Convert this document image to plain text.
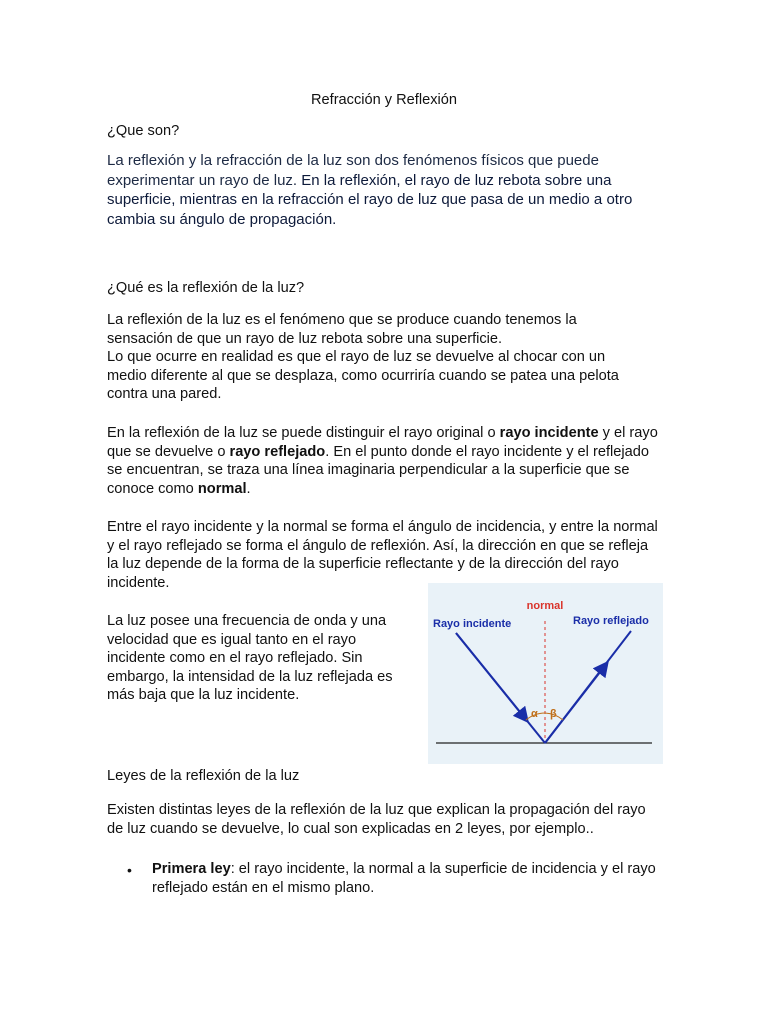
Refracción y Reflexión

¿Que son?

La reflexión y la refracción de la luz son dos fenómenos físicos que puede experimentar un rayo de luz. En la reflexión, el rayo de luz rebota sobre una superficie, mientras en la refracción el rayo de luz que pasa de un medio a otro cambia su ángulo de propagación.

¿Qué es la reflexión de la luz?

La reflexión de la luz es el fenómeno que se produce cuando tenemos la sensación de que un rayo de luz rebota sobre una superficie.
Lo que ocurre en realidad es que el rayo de luz se devuelve al chocar con un medio diferente al que se desplaza, como ocurriría cuando se patea una pelota contra una pared.

En la reflexión de la luz se puede distinguir el rayo original o rayo incidente y el rayo que se devuelve o rayo reflejado. En el punto donde el rayo incidente y el reflejado se encuentran, se traza una línea imaginaria perpendicular a la superficie que se conoce como normal.

Entre el rayo incidente y la normal se forma el ángulo de incidencia, y entre la normal y el rayo reflejado se forma el ángulo de reflexión. Así, la dirección en que se refleja la luz depende de la forma de la superficie reflectante y de la dirección del rayo incidente.

La luz posee una frecuencia de onda y una velocidad que es igual tanto en el rayo incidente como en el rayo reflejado. Sin embargo, la intensidad de la luz reflejada es más baja que la luz incidente.

normal
Rayo incidente	Rayo reflejado
α β

Leyes de la reflexión de la luz

Existen distintas leyes de la reflexión de la luz que explican la propagación del rayo de luz cuando se devuelve, lo cual son explicadas en 2 leyes, por ejemplo..

• Primera ley: el rayo incidente, la normal a la superficie de incidencia y el rayo reflejado están en el mismo plano.
